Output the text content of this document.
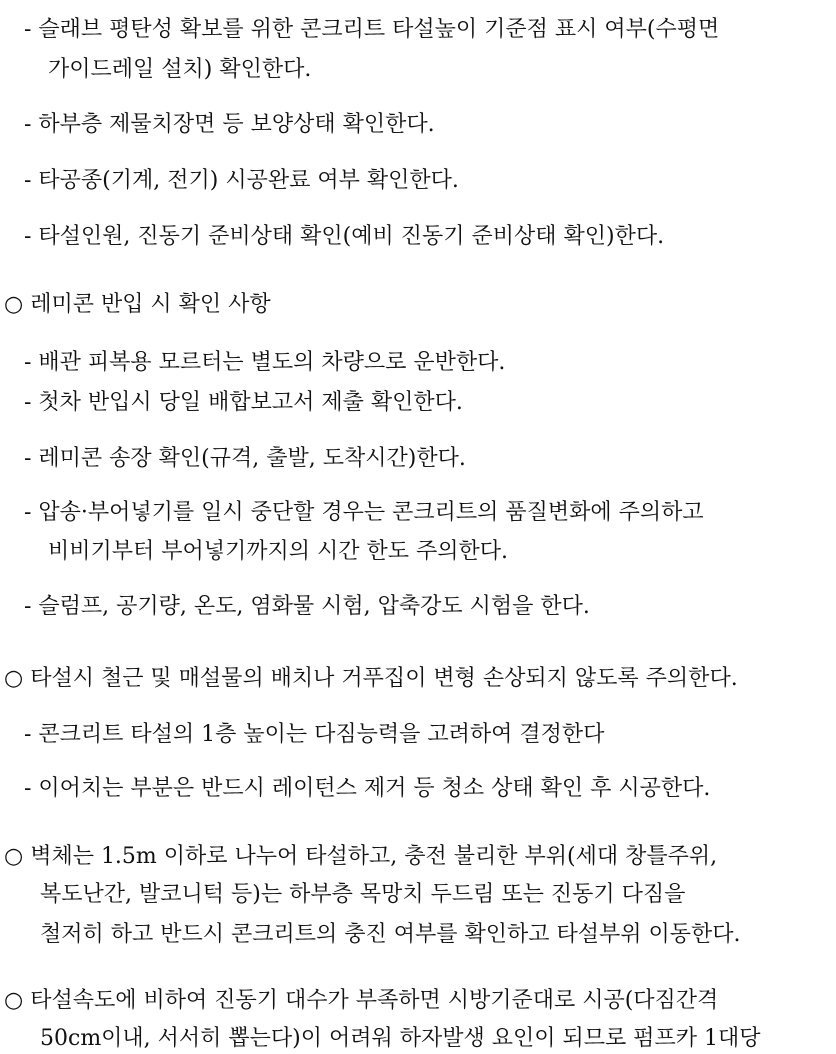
- 슬래브 평탄성 확보를 위한 콘크리트 타설높이 기준점 표시 여부(수평면
가이드레일 설치) 확인한다.
- 하부층 제물치장면 등 보양상태 확인한다.
- 타공종(기계, 전기) 시공완료 여부 확인한다.
- 타설인원, 진동기 준비상태 확인(예비 진동기 준비상태 확인)한다.
○ 레미콘 반입 시 확인 사항
- 배관 피복용 모르터는 별도의 차량으로 운반한다.
- 첫차 반입시 당일 배합보고서 제출 확인한다.
- 레미콘 송장 확인(규격, 출발, 도착시간)한다.
- 압송·부어넣기를 일시 중단할 경우는 콘크리트의 품질변화에 주의하고
비비기부터 부어넣기까지의 시간 한도 주의한다.
- 슬럼프, 공기량, 온도, 염화물 시험, 압축강도 시험을 한다.
○ 타설시 철근 및 매설물의 배치나 거푸집이 변형 손상되지 않도록 주의한다.
- 콘크리트 타설의 1층 높이는 다짐능력을 고려하여 결정한다
- 이어치는 부분은 반드시 레이턴스 제거 등 청소 상태 확인 후 시공한다.
○ 벽체는 1.5m 이하로 나누어 타설하고, 충전 불리한 부위(세대 창틀주위,
복도난간, 발코니턱 등)는 하부층 목망치 두드림 또는 진동기 다짐을
철저히 하고 반드시 콘크리트의 충진 여부를 확인하고 타설부위 이동한다.
○ 타설속도에 비하여 진동기 대수가 부족하면 시방기준대로 시공(다짐간격
50cm이내, 서서히 뽑는다)이 어려워 하자발생 요인이 되므로 펌프카 1대당
